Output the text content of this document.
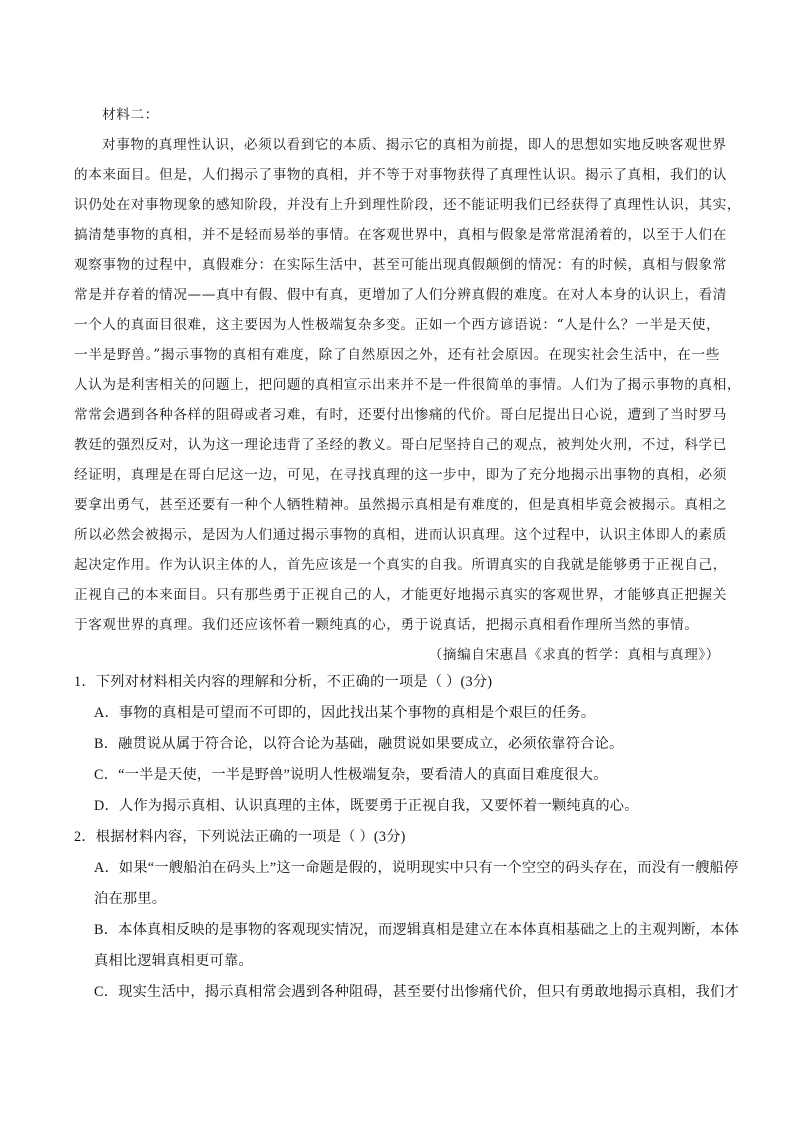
材料二：

对事物的真理性认识，必须以看到它的本质、揭示它的真相为前提，即人的思想如实地反映客观世界

的本来面目。但是，人们揭示了事物的真相，并不等于对事物获得了真理性认识。揭示了真相，我们的认

识仍处在对事物现象的感知阶段，并没有上升到理性阶段，还不能证明我们已经获得了真理性认识，其实，

搞清楚事物的真相，并不是轻而易举的事情。在客观世界中，真相与假象是常常混淆着的，以至于人们在

观察事物的过程中，真假难分：在实际生活中，甚至可能出现真假颠倒的情况：有的时候，真相与假象常

常是并存着的情况——真中有假、假中有真，更增加了人们分辨真假的难度。在对人本身的认识上，看清

一个人的真面目很难，这主要因为人性极端复杂多变。正如一个西方谚语说：“人是什么？一半是天使，

一半是野兽。”揭示事物的真相有难度，除了自然原因之外，还有社会原因。在现实社会生活中，在一些

人认为是利害相关的问题上，把问题的真相宣示出来并不是一件很简单的事情。人们为了揭示事物的真相，

常常会遇到各种各样的阻碍或者习难，有时，还要付出惨痛的代价。哥白尼提出日心说，遭到了当时罗马

教廷的强烈反对，认为这一理论违背了圣经的教义。哥白尼坚持自己的观点，被判处火刑，不过，科学已

经证明，真理是在哥白尼这一边，可见，在寻找真理的这一步中，即为了充分地揭示出事物的真相，必须

要拿出勇气，甚至还要有一种个人牺牲精神。虽然揭示真相是有难度的，但是真相毕竟会被揭示。真相之

所以必然会被揭示，是因为人们通过揭示事物的真相，进而认识真理。这个过程中，认识主体即人的素质

起决定作用。作为认识主体的人，首先应该是一个真实的自我。所谓真实的自我就是能够勇于正视自己，

正视自己的本来面目。只有那些勇于正视自己的人，才能更好地揭示真实的客观世界，才能够真正把握关

于客观世界的真理。我们还应该怀着一颗纯真的心，勇于说真话，把揭示真相看作理所当然的事情。

（摘编自宋惠昌《求真的哲学：真相与真理》）

1．下列对材料相关内容的理解和分析，不正确的一项是（ ）(3分)

A．事物的真相是可望而不可即的，因此找出某个事物的真相是个艰巨的任务。

B．融贯说从属于符合论，以符合论为基础，融贯说如果要成立，必须依靠符合论。

C．“一半是天使，一半是野兽”说明人性极端复杂，要看清人的真面目难度很大。

D．人作为揭示真相、认识真理的主体，既要勇于正视自我，又要怀着一颗纯真的心。

2．根据材料内容，下列说法正确的一项是（ ）(3分)

A．如果“一艘船泊在码头上”这一命题是假的，说明现实中只有一个空空的码头存在，而没有一艘船停

泊在那里。

B．本体真相反映的是事物的客观现实情况，而逻辑真相是建立在本体真相基础之上的主观判断，本体

真相比逻辑真相更可靠。

C．现实生活中，揭示真相常会遇到各种阻碍，甚至要付出惨痛代价，但只有勇敢地揭示真相，我们才
